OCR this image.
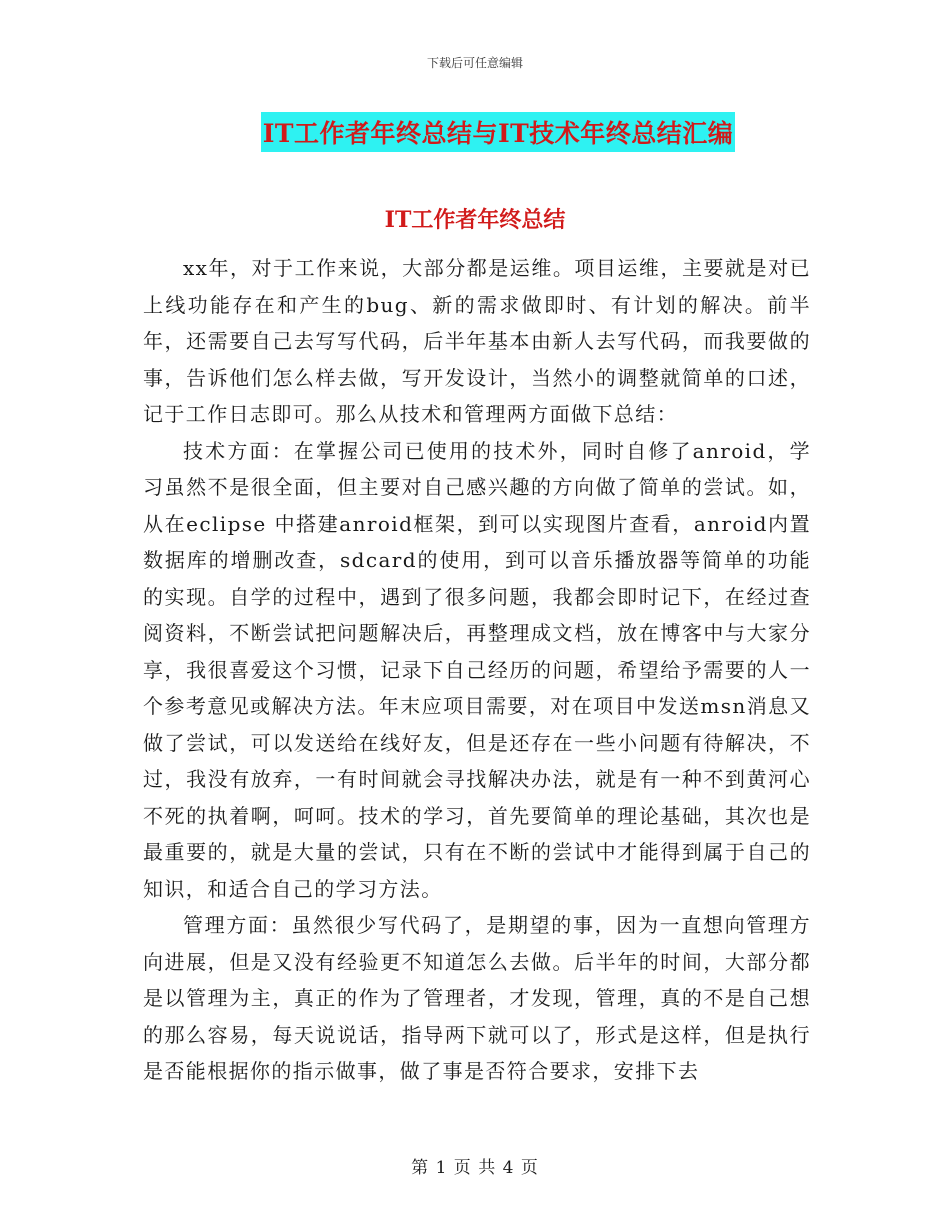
下载后可任意编辑
IT工作者年终总结与IT技术年终总结汇编
IT工作者年终总结

xx年，对于工作来说，大部分都是运维。项目运维，主要就是对已上线功能存在和产生的bug、新的需求做即时、有计划的解决。前半年，还需要自己去写写代码，后半年基本由新人去写代码，而我要做的事，告诉他们怎么样去做，写开发设计，当然小的调整就简单的口述，记于工作日志即可。那么从技术和管理两方面做下总结：

技术方面：在掌握公司已使用的技术外，同时自修了anroid，学习虽然不是很全面，但主要对自己感兴趣的方向做了简单的尝试。如，从在eclipse 中搭建anroid框架，到可以实现图片查看，anroid内置数据库的增删改查，sdcard的使用，到可以音乐播放器等简单的功能的实现。自学的过程中，遇到了很多问题，我都会即时记下，在经过查阅资料，不断尝试把问题解决后，再整理成文档，放在博客中与大家分享，我很喜爱这个习惯，记录下自己经历的问题，希望给予需要的人一个参考意见或解决方法。年末应项目需要，对在项目中发送msn消息又做了尝试，可以发送给在线好友，但是还存在一些小问题有待解决，不过，我没有放弃，一有时间就会寻找解决办法，就是有一种不到黄河心不死的执着啊，呵呵。技术的学习，首先要简单的理论基础，其次也是最重要的，就是大量的尝试，只有在不断的尝试中才能得到属于自己的知识，和适合自己的学习方法。

管理方面：虽然很少写代码了，是期望的事，因为一直想向管理方向进展，但是又没有经验更不知道怎么去做。后半年的时间，大部分都是以管理为主，真正的作为了管理者，才发现，管理，真的不是自己想的那么容易，每天说说话，指导两下就可以了，形式是这样，但是执行是否能根据你的指示做事，做了事是否符合要求，安排下去

第 1 页 共 4 页
